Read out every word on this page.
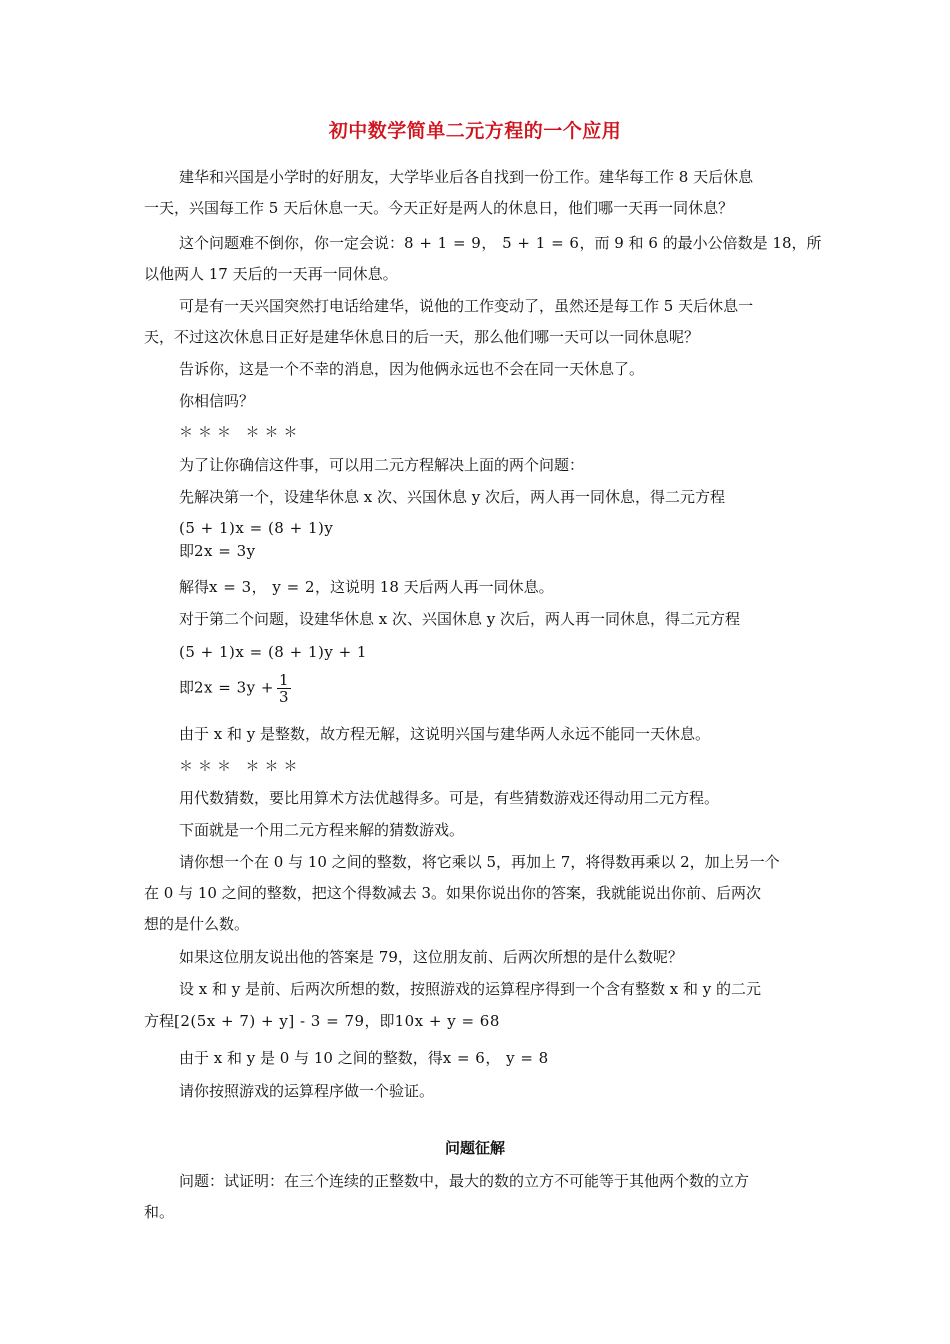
初中数学简单二元方程的一个应用
建华和兴国是小学时的好朋友，大学毕业后各自找到一份工作。建华每工作 8 天后休息
一天，兴国每工作 5 天后休息一天。今天正好是两人的休息日，他们哪一天再一同休息？
这个问题难不倒你，你一定会说：8 + 1 = 9， 5 + 1 = 6，而 9 和 6 的最小公倍数是 18，所
以他两人 17 天后的一天再一同休息。
可是有一天兴国突然打电话给建华，说他的工作变动了，虽然还是每工作 5 天后休息一
天，不过这次休息日正好是建华休息日的后一天，那么他们哪一天可以一同休息呢？
告诉你，这是一个不幸的消息，因为他俩永远也不会在同一天休息了。
你相信吗？
＊＊＊ ＊＊＊
为了让你确信这件事，可以用二元方程解决上面的两个问题：
先解决第一个，设建华休息 x 次、兴国休息 y 次后，两人再一同休息，得二元方程
(5 + 1)x = (8 + 1)y
即2x = 3y
解得x = 3， y = 2，这说明 18 天后两人再一同休息。
对于第二个问题，设建华休息 x 次、兴国休息 y 次后，两人再一同休息，得二元方程
(5 + 1)x = (8 + 1)y + 1
即$2x = 3y + \frac{1}{3}$
由于 x 和 y 是整数，故方程无解，这说明兴国与建华两人永远不能同一天休息。
＊＊＊ ＊＊＊
用代数猜数，要比用算术方法优越得多。可是，有些猜数游戏还得动用二元方程。
下面就是一个用二元方程来解的猜数游戏。
请你想一个在 0 与 10 之间的整数，将它乘以 5，再加上 7，将得数再乘以 2，加上另一个
在 0 与 10 之间的整数，把这个得数减去 3。如果你说出你的答案，我就能说出你前、后两次
想的是什么数。
如果这位朋友说出他的答案是 79，这位朋友前、后两次所想的是什么数呢？
设 x 和 y 是前、后两次所想的数，按照游戏的运算程序得到一个含有整数 x 和 y 的二元
方程[2(5x + 7) + y] - 3 = 79，即10x + y = 68
由于 x 和 y 是 0 与 10 之间的整数，得x = 6， y = 8
请你按照游戏的运算程序做一个验证。
问题征解
问题：试证明：在三个连续的正整数中，最大的数的立方不可能等于其他两个数的立方
和。
